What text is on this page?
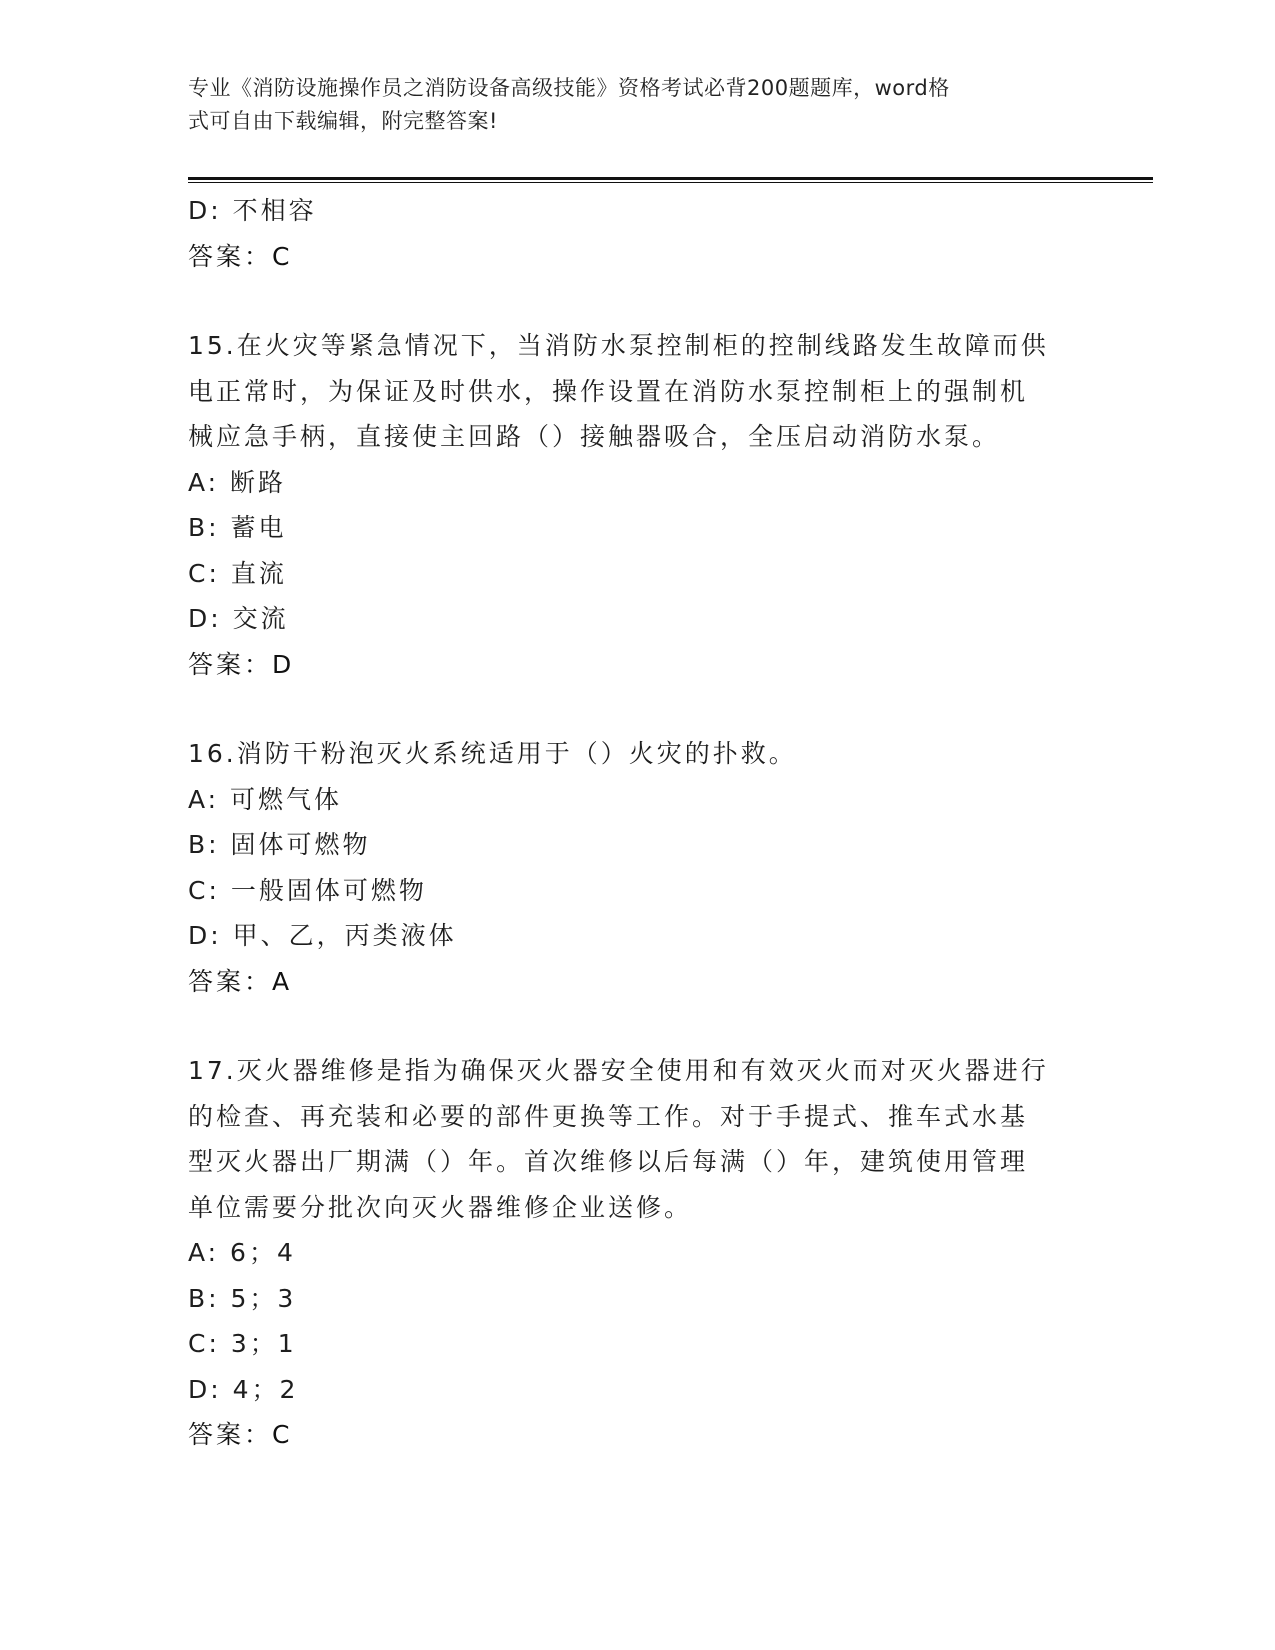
专业《消防设施操作员之消防设备高级技能》资格考试必背200题题库，word格
式可自由下载编辑，附完整答案!
D: 不相容
答案：C
15.在火灾等紧急情况下，当消防水泵控制柜的控制线路发生故障而供
电正常时，为保证及时供水，操作设置在消防水泵控制柜上的强制机
械应急手柄，直接使主回路（）接触器吸合，全压启动消防水泵。
A: 断路
B: 蓄电
C: 直流
D: 交流
答案：D
16.消防干粉泡灭火系统适用于（）火灾的扑救。
A: 可燃气体
B: 固体可燃物
C: 一般固体可燃物
D: 甲、乙，丙类液体
答案：A
17.灭火器维修是指为确保灭火器安全使用和有效灭火而对灭火器进行
的检查、再充装和必要的部件更换等工作。对于手提式、推车式水基
型灭火器出厂期满（）年。首次维修以后每满（）年，建筑使用管理
单位需要分批次向灭火器维修企业送修。
A: 6；4
B: 5；3
C: 3；1
D: 4；2
答案：C
